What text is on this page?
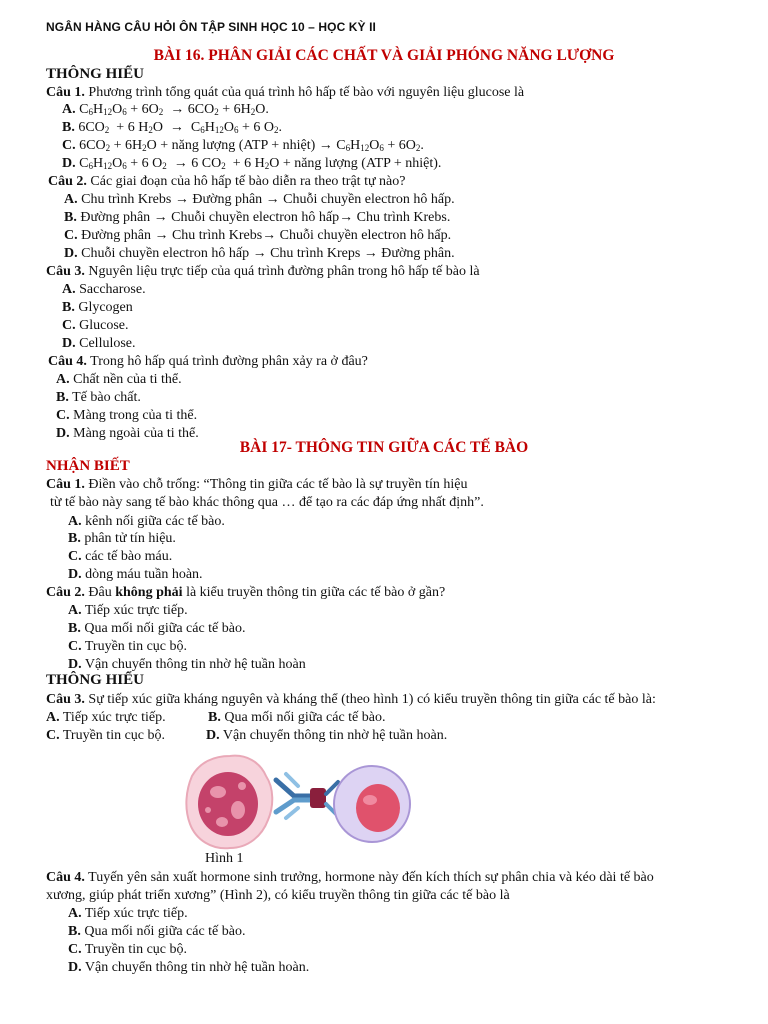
NGÂN HÀNG CÂU HỎI ÔN TẬP SINH HỌC 10 – HỌC KỲ II
BÀI 16. PHÂN GIẢI CÁC CHẤT VÀ GIẢI PHÓNG NĂNG LƯỢNG
THÔNG HIỂU
Câu 1. Phương trình tổng quát của quá trình hô hấp tế bào với nguyên liệu glucose là
A. $C_6H_{12}O_6 + 6O_2 \to 6CO_2 + 6H_2O$.
B. $6CO_2 + 6$ $H_2O \to C_6H_{12}O_6 + 6$ $O_2$.
C. $6CO_2 + 6H_2O$ + năng lượng (ATP + nhiệt) → $C_6H_{12}O_6 + 6O_2$.
D. $C_6H_{12}O_6 + 6$ $O_2 \to 6$ $CO_2 + 6$ $H_2O$ + năng lượng (ATP + nhiệt).
Câu 2. Các giai đoạn của hô hấp tế bào diễn ra theo trật tự nào?
A. Chu trình Krebs → Đường phân → Chuỗi chuyền electron hô hấp.
B. Đường phân → Chuỗi chuyền electron hô hấp→ Chu trình Krebs.
C. Đường phân → Chu trình Krebs→ Chuỗi chuyền electron hô hấp.
D. Chuỗi chuyền electron hô hấp → Chu trình Kreps → Đường phân.
Câu 3. Nguyên liệu trực tiếp của quá trình đường phân trong hô hấp tế bào là
A. Saccharose.
B. Glycogen
C. Glucose.
D. Cellulose.
Câu 4. Trong hô hấp quá trình đường phân xảy ra ở đâu?
A. Chất nền của ti thể.
B. Tế bào chất.
C. Màng trong của ti thể.
D. Màng ngoài của ti thể.
BÀI 17- THÔNG TIN GIỮA CÁC TẾ BÀO
NHẬN BIẾT
Câu 1. Điền vào chỗ trống: “Thông tin giữa các tế bào là sự truyền tín hiệu
từ tế bào này sang tế bào khác thông qua … để tạo ra các đáp ứng nhất định”.
A. kênh nối giữa các tế bào.
B. phân tử tín hiệu.
C. các tế bào máu.
D. dòng máu tuần hoàn.
Câu 2. Đâu không phải là kiểu truyền thông tin giữa các tế bào ở gần?
A. Tiếp xúc trực tiếp.
B. Qua mối nối giữa các tế bào.
C. Truyền tin cục bộ.
D. Vận chuyển thông tin nhờ hệ tuần hoàn
THÔNG HIỂU
Câu 3. Sự tiếp xúc giữa kháng nguyên và kháng thể (theo hình 1) có kiểu truyền thông tin giữa các tế bào là:
A. Tiếp xúc trực tiếp.	B. Qua mối nối giữa các tế bào.
C. Truyền tin cục bộ.	D. Vận chuyển thông tin nhờ hệ tuần hoàn.
Hình 1
Câu 4. Tuyến yên sản xuất hormone sinh trưởng, hormone này đến kích thích sự phân chia và kéo dài tế bào
xương, giúp phát triển xương” (Hình 2), có kiểu truyền thông tin giữa các tế bào là
A. Tiếp xúc trực tiếp.
B. Qua mối nối giữa các tế bào.
C. Truyền tin cục bộ.
D. Vận chuyển thông tin nhờ hệ tuần hoàn.
